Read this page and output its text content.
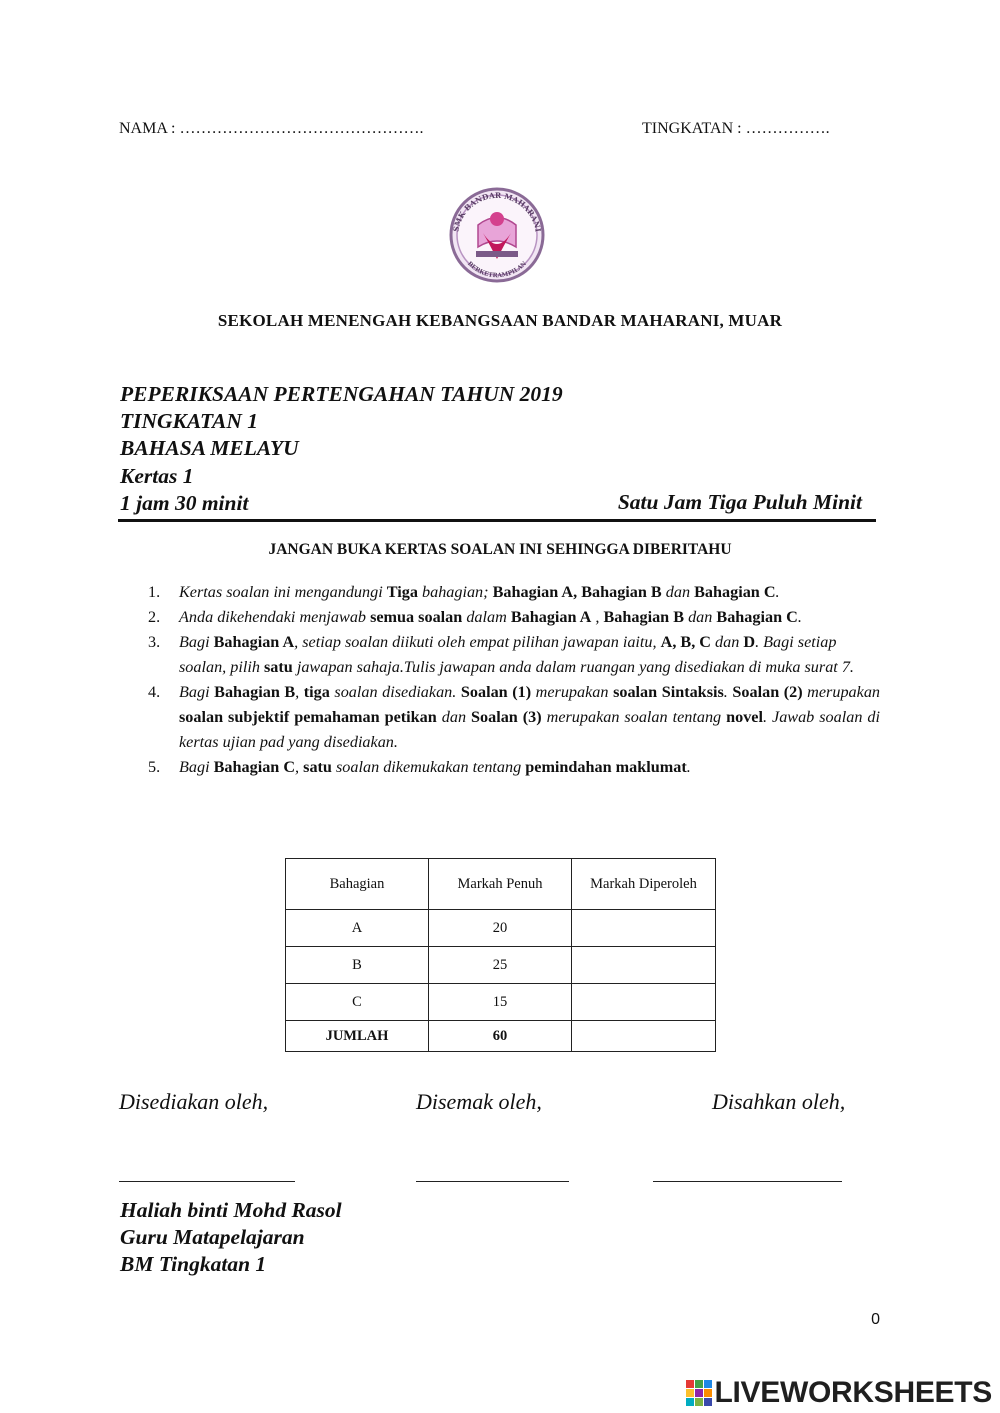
NAMA : ……………………………………….	TINGKATAN : …………….
SMK BANDAR MAHARANI
BERKETRAMPILAN
SEKOLAH MENENGAH KEBANGSAAN BANDAR MAHARANI, MUAR
PEPERIKSAAN PERTENGAHAN TAHUN 2019
TINGKATAN 1
BAHASA MELAYU
Kertas 1
1 jam 30 minit	Satu Jam Tiga Puluh Minit
JANGAN BUKA KERTAS SOALAN INI SEHINGGA DIBERITAHU
1. Kertas soalan ini mengandungi Tiga bahagian; Bahagian A, Bahagian B dan Bahagian C.
2. Anda dikehendaki menjawab semua soalan dalam Bahagian A , Bahagian B dan Bahagian C.
3. Bagi Bahagian A, setiap soalan diikuti oleh empat pilihan jawapan iaitu, A, B, C dan D. Bagi setiap soalan, pilih satu jawapan sahaja.Tulis jawapan anda dalam ruangan yang disediakan di muka surat 7.
4. Bagi Bahagian B, tiga soalan disediakan. Soalan (1) merupakan soalan Sintaksis. Soalan (2) merupakan soalan subjektif pemahaman petikan dan Soalan (3) merupakan soalan tentang novel. Jawab soalan di kertas ujian pad yang disediakan.
5. Bagi Bahagian C, satu soalan dikemukakan tentang pemindahan maklumat.
Bahagian	Markah Penuh	Markah Diperoleh
A	20	
B	25	
C	15	
JUMLAH	60	
Disediakan oleh,	Disemak oleh,	Disahkan oleh,
Haliah binti Mohd Rasol
Guru Matapelajaran
BM Tingkatan 1
0
LIVEWORKSHEETS
